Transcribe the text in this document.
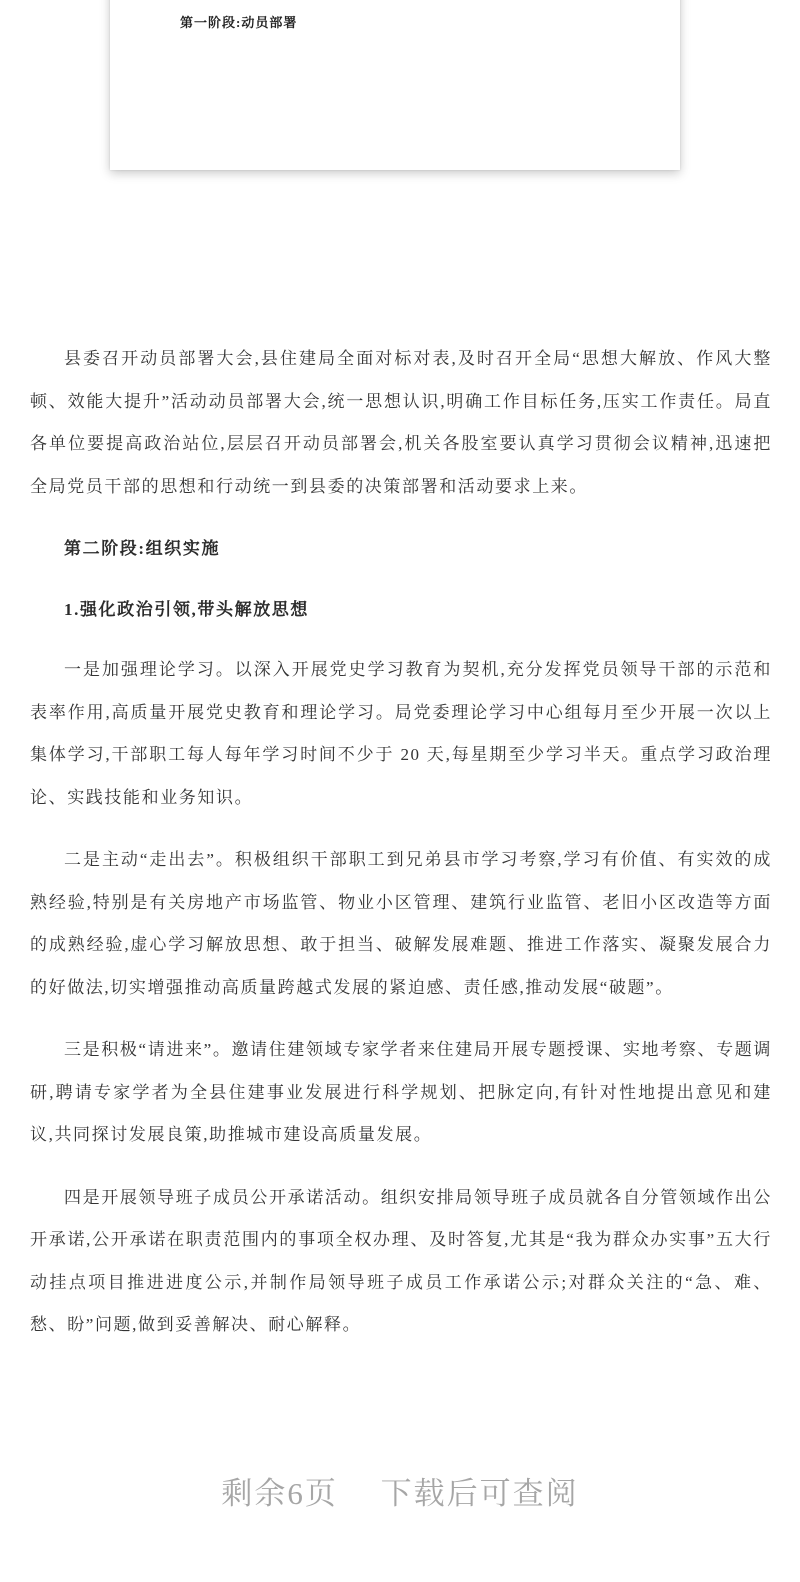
第一阶段:动员部署

县委召开动员部署大会,县住建局全面对标对表,及时召开全局“思想大解放、作风大整顿、效能大提升”活动动员部署大会,统一思想认识,明确工作目标任务,压实工作责任。局直各单位要提高政治站位,层层召开动员部署会,机关各股室要认真学习贯彻会议精神,迅速把全局党员干部的思想和行动统一到县委的决策部署和活动要求上来。

第二阶段:组织实施

1.强化政治引领,带头解放思想

一是加强理论学习。以深入开展党史学习教育为契机,充分发挥党员领导干部的示范和表率作用,高质量开展党史教育和理论学习。局党委理论学习中心组每月至少开展一次以上集体学习,干部职工每人每年学习时间不少于 20 天,每星期至少学习半天。重点学习政治理论、实践技能和业务知识。

二是主动“走出去”。积极组织干部职工到兄弟县市学习考察,学习有价值、有实效的成熟经验,特别是有关房地产市场监管、物业小区管理、建筑行业监管、老旧小区改造等方面的成熟经验,虚心学习解放思想、敢于担当、破解发展难题、推进工作落实、凝聚发展合力的好做法,切实增强推动高质量跨越式发展的紧迫感、责任感,推动发展“破题”。

三是积极“请进来”。邀请住建领域专家学者来住建局开展专题授课、实地考察、专题调研,聘请专家学者为全县住建事业发展进行科学规划、把脉定向,有针对性地提出意见和建议,共同探讨发展良策,助推城市建设高质量发展。

四是开展领导班子成员公开承诺活动。组织安排局领导班子成员就各自分管领域作出公开承诺,公开承诺在职责范围内的事项全权办理、及时答复,尤其是“我为群众办实事”五大行动挂点项目推进进度公示,并制作局领导班子成员工作承诺公示;对群众关注的“急、难、愁、盼”问题,做到妥善解决、耐心解释。

剩余6页　 下载后可查阅
